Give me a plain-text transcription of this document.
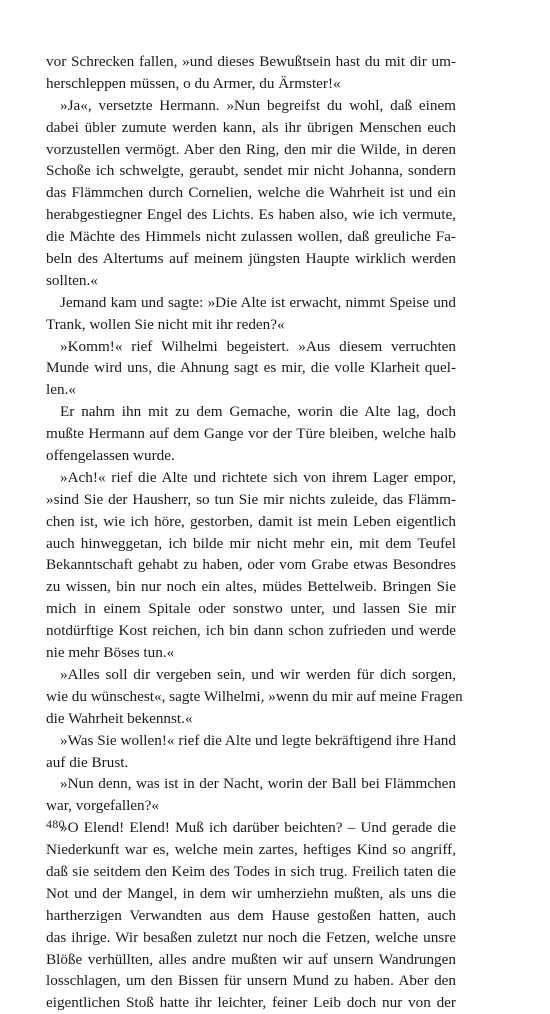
vor Schrecken fallen, »und dieses Bewußtsein hast du mit dir um-
herschleppen müssen, o du Armer, du Ärmster!«
»Ja«, versetzte Hermann. »Nun begreifst du wohl, daß einem
dabei übler zumute werden kann, als ihr übrigen Menschen euch
vorzustellen vermögt. Aber den Ring, den mir die Wilde, in deren
Schoße ich schwelgte, geraubt, sendet mir nicht Johanna, sondern
das Flämmchen durch Cornelien, welche die Wahrheit ist und ein
herabgestiegner Engel des Lichts. Es haben also, wie ich vermute,
die Mächte des Himmels nicht zulassen wollen, daß greuliche Fa-
beln des Altertums auf meinem jüngsten Haupte wirklich werden
sollten.«
Jemand kam und sagte: »Die Alte ist erwacht, nimmt Speise und
Trank, wollen Sie nicht mit ihr reden?«
»Komm!« rief Wilhelmi begeistert. »Aus diesem verruchten
Munde wird uns, die Ahnung sagt es mir, die volle Klarheit quel-
len.«
Er nahm ihn mit zu dem Gemache, worin die Alte lag, doch
mußte Hermann auf dem Gange vor der Türe bleiben, welche halb
offengelassen wurde.
»Ach!« rief die Alte und richtete sich von ihrem Lager empor,
»sind Sie der Hausherr, so tun Sie mir nichts zuleide, das Flämm-
chen ist, wie ich höre, gestorben, damit ist mein Leben eigentlich
auch hinweggetan, ich bilde mir nicht mehr ein, mit dem Teufel
Bekanntschaft gehabt zu haben, oder vom Grabe etwas Besondres
zu wissen, bin nur noch ein altes, müdes Bettelweib. Bringen Sie
mich in einem Spitale oder sonstwo unter, und lassen Sie mir
notdürftige Kost reichen, ich bin dann schon zufrieden und werde
nie mehr Böses tun.«
»Alles soll dir vergeben sein, und wir werden für dich sorgen,
wie du wünschest«, sagte Wilhelmi, »wenn du mir auf meine Fragen
die Wahrheit bekennst.«
»Was Sie wollen!« rief die Alte und legte bekräftigend ihre Hand
auf die Brust.
»Nun denn, was ist in der Nacht, worin der Ball bei Flämmchen
war, vorgefallen?«
»O Elend! Elend! Muß ich darüber beichten? – Und gerade die
Niederkunft war es, welche mein zartes, heftiges Kind so angriff,
daß sie seitdem den Keim des Todes in sich trug. Freilich taten die
Not und der Mangel, in dem wir umherziehn mußten, als uns die
hartherzigen Verwandten aus dem Hause gestoßen hatten, auch
das ihrige. Wir besaßen zuletzt nur noch die Fetzen, welche unsre
Blöße verhüllten, alles andre mußten wir auf unsern Wandrungen
losschlagen, um den Bissen für unsern Mund zu haben. Aber den
eigentlichen Stoß hatte ihr leichter, feiner Leib doch nur von der
480
